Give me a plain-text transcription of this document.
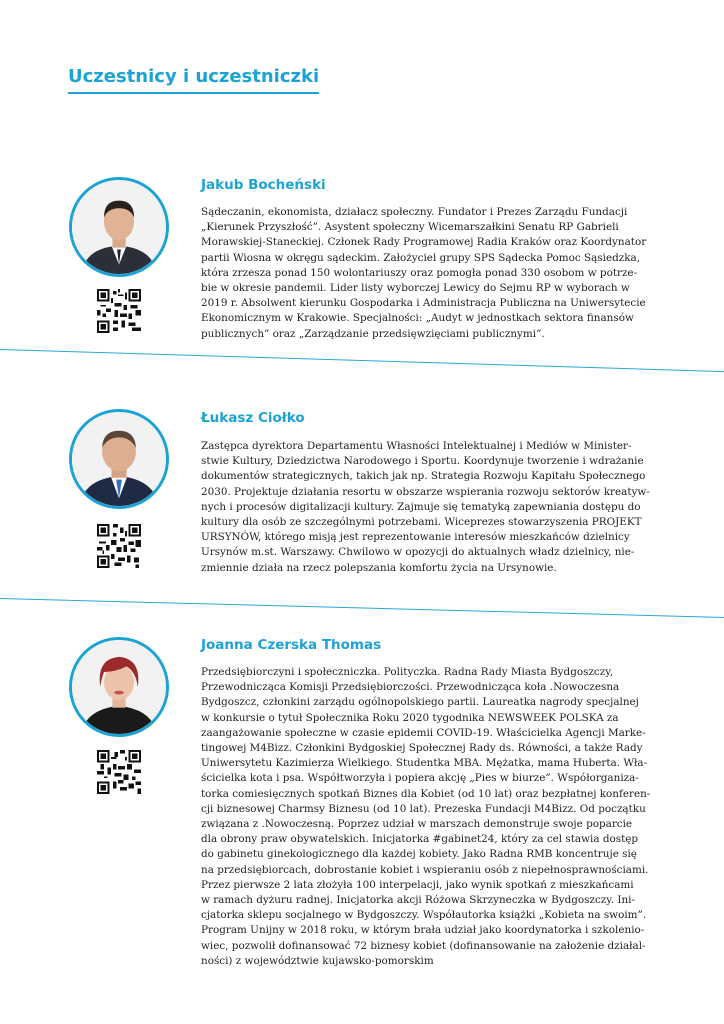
Uczestnicy i uczestniczki
Jakub Bocheński
Sądeczanin, ekonomista, działacz społeczny. Fundator i Prezes Zarządu Fundacji
„Kierunek Przyszłość”. Asystent społeczny Wicemarszałkini Senatu RP Gabrieli
Morawskiej-Staneckiej. Członek Rady Programowej Radia Kraków oraz Koordynator
partii Wiosna w okręgu sądeckim. Założyciel grupy SPS Sądecka Pomoc Sąsiedzka,
która zrzesza ponad 150 wolontariuszy oraz pomogła ponad 330 osobom w potrze-
bie w okresie pandemii. Lider listy wyborczej Lewicy do Sejmu RP w wyborach w
2019 r. Absolwent kierunku Gospodarka i Administracja Publiczna na Uniwersytecie
Ekonomicznym w Krakowie. Specjalności: „Audyt w jednostkach sektora finansów
publicznych” oraz „Zarządzanie przedsięwzięciami publicznymi”.
Łukasz Ciołko
Zastępca dyrektora Departamentu Własności Intelektualnej i Mediów w Minister-
stwie Kultury, Dziedzictwa Narodowego i Sportu. Koordynuje tworzenie i wdrażanie
dokumentów strategicznych, takich jak np. Strategia Rozwoju Kapitału Społecznego
2030. Projektuje działania resortu w obszarze wspierania rozwoju sektorów kreatyw-
nych i procesów digitalizacji kultury. Zajmuje się tematyką zapewniania dostępu do
kultury dla osób ze szczególnymi potrzebami. Wiceprezes stowarzyszenia PROJEKT
URSYNÓW, którego misją jest reprezentowanie interesów mieszkańców dzielnicy
Ursynów m.st. Warszawy. Chwilowo w opozycji do aktualnych władz dzielnicy, nie-
zmiennie działa na rzecz polepszania komfortu życia na Ursynowie.
Joanna Czerska Thomas
Przedsiębiorczyni i społeczniczka. Polityczka. Radna Rady Miasta Bydgoszczy,
Przewodnicząca Komisji Przedsiębiorczości. Przewodnicząca koła .Nowoczesna
Bydgoszcz, członkini zarządu ogólnopolskiego partii. Laureatka nagrody specjalnej
w konkursie o tytuł Społecznika Roku 2020 tygodnika NEWSWEEK POLSKA za
zaangażowanie społeczne w czasie epidemii COVID-19. Właścicielka Agencji Marke-
tingowej M4Bizz. Członkini Bydgoskiej Społecznej Rady ds. Równości, a także Rady
Uniwersytetu Kazimierza Wielkiego. Studentka MBA. Mężatka, mama Huberta. Wła-
ścicielka kota i psa. Współtworzyła i popiera akcję „Pies w biurze”. Współorganiza-
torka comiesięcznych spotkań Biznes dla Kobiet (od 10 lat) oraz bezpłatnej konferen-
cji biznesowej Charmsy Biznesu (od 10 lat). Prezeska Fundacji M4Bizz. Od początku
związana z .Nowoczesną. Poprzez udział w marszach demonstruje swoje poparcie
dla obrony praw obywatelskich. Inicjatorka #gabinet24, który za cel stawia dostęp
do gabinetu ginekologicznego dla każdej kobiety. Jako Radna RMB koncentruje się
na przedsiębiorcach, dobrostanie kobiet i wspieraniu osób z niepełnosprawnościami.
Przez pierwsze 2 lata złożyła 100 interpelacji, jako wynik spotkań z mieszkańcami
w ramach dyżuru radnej. Inicjatorka akcji Różowa Skrzyneczka w Bydgoszczy. Ini-
cjatorka sklepu socjalnego w Bydgoszczy. Współautorka książki „Kobieta na swoim”.
Program Unijny w 2018 roku, w którym brała udział jako koordynatorka i szkolenio-
wiec, pozwolił dofinansować 72 biznesy kobiet (dofinansowanie na założenie działal-
ności) z województwie kujawsko-pomorskim
